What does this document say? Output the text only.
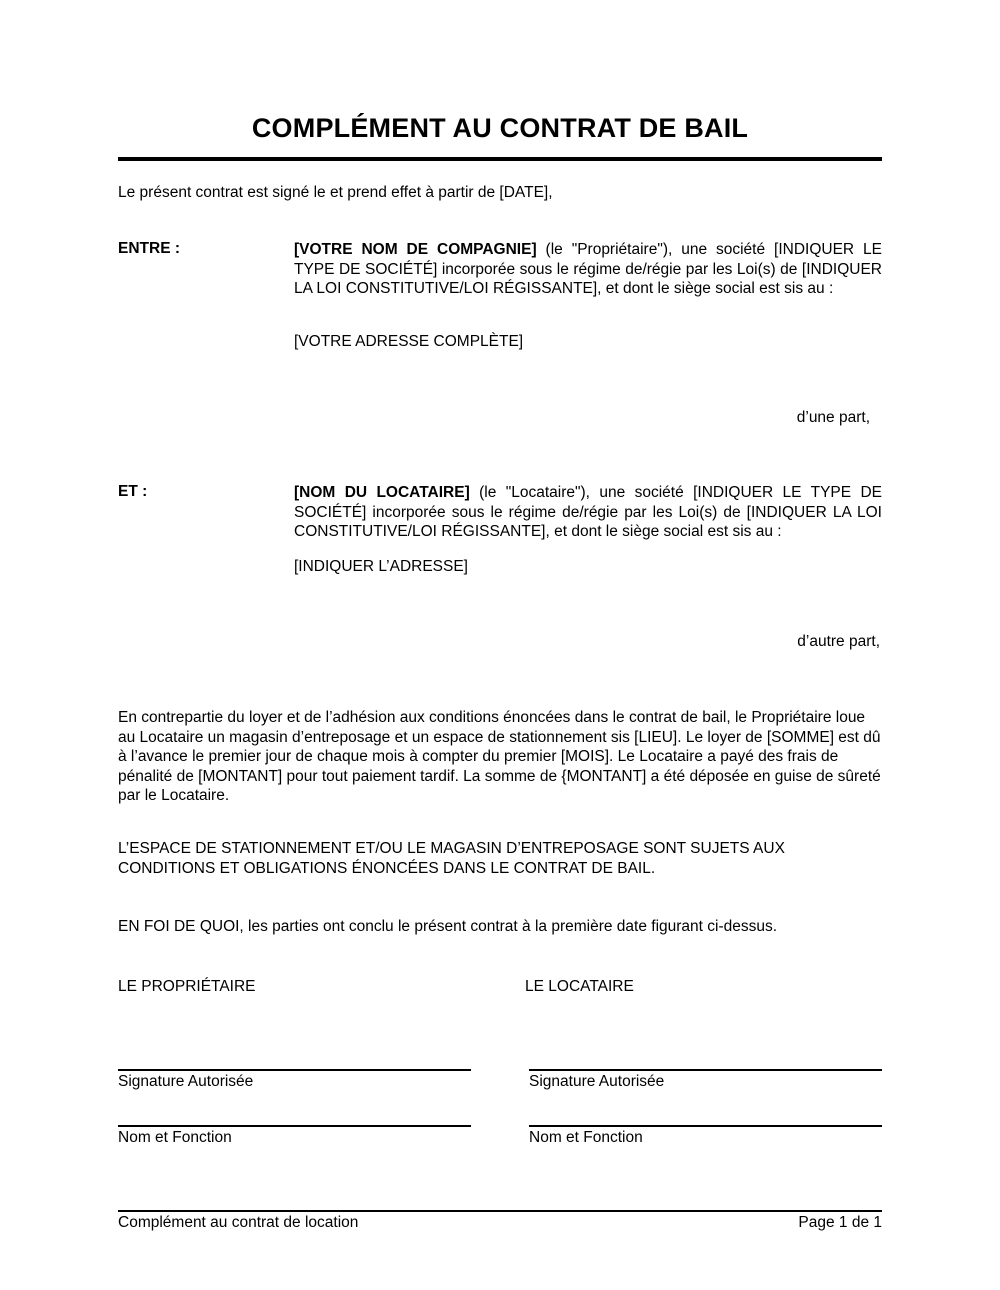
COMPLÉMENT AU CONTRAT DE BAIL
Le présent contrat est signé le et prend effet à partir de [DATE],
ENTRE :	[VOTRE NOM DE COMPAGNIE] (le "Propriétaire"), une société [INDIQUER LE TYPE DE SOCIÉTÉ] incorporée sous le régime de/régie par les Loi(s) de [INDIQUER LA LOI CONSTITUTIVE/LOI RÉGISSANTE], et dont le siège social est sis au :
[VOTRE ADRESSE COMPLÈTE]
d’une part,
ET :	[NOM DU LOCATAIRE] (le "Locataire"), une société [INDIQUER LE TYPE DE SOCIÉTÉ] incorporée sous le régime de/régie par les Loi(s) de [INDIQUER LA LOI CONSTITUTIVE/LOI RÉGISSANTE], et dont le siège social est sis au :
[INDIQUER L’ADRESSE]
d’autre part,
En contrepartie du loyer et de l’adhésion aux conditions énoncées dans le contrat de bail, le Propriétaire loue au Locataire un magasin d’entreposage et un espace de stationnement sis [LIEU]. Le loyer de [SOMME] est dû à l’avance le premier jour de chaque mois à compter du premier [MOIS]. Le Locataire a payé des frais de pénalité de [MONTANT] pour tout paiement tardif. La somme de {MONTANT] a été déposée en guise de sûreté par le Locataire.
L’ESPACE DE STATIONNEMENT ET/OU LE MAGASIN D’ENTREPOSAGE SONT SUJETS AUX CONDITIONS ET OBLIGATIONS ÉNONCÉES DANS LE CONTRAT DE BAIL.
EN FOI DE QUOI, les parties ont conclu le présent contrat à la première date figurant ci-dessus.
LE PROPRIÉTAIRE	LE LOCATAIRE
Signature Autorisée	Signature Autorisée
Nom et Fonction	Nom et Fonction
Complément au contrat de location	Page 1 de 1
